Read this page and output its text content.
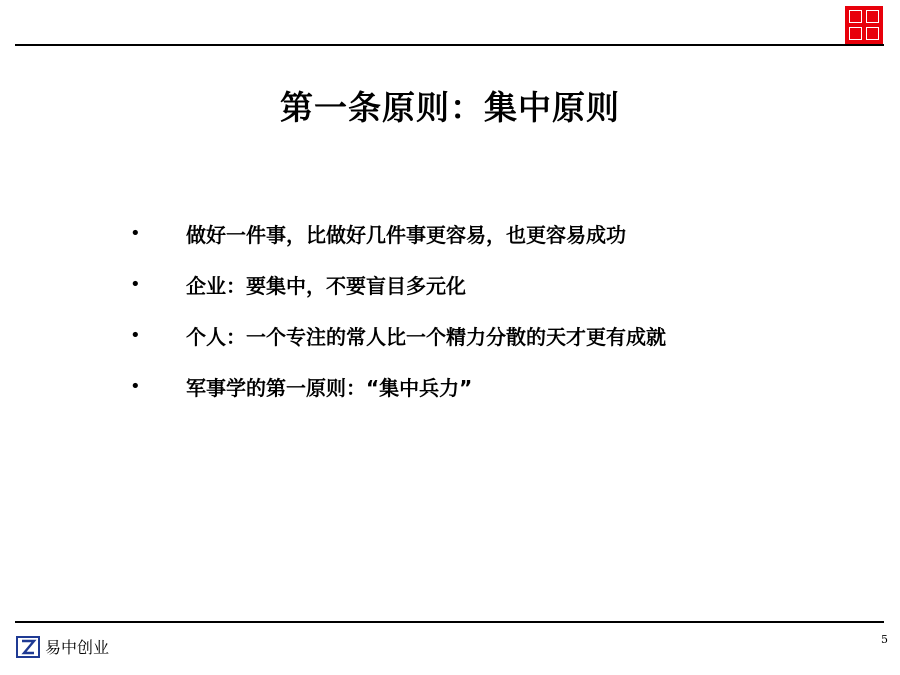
第一条原则：集中原则
•	做好一件事，比做好几件事更容易，也更容易成功
•	企业：要集中，不要盲目多元化
•	个人：一个专注的常人比一个精力分散的天才更有成就
•	军事学的第一原则：“集中兵力”
易中创业	5
